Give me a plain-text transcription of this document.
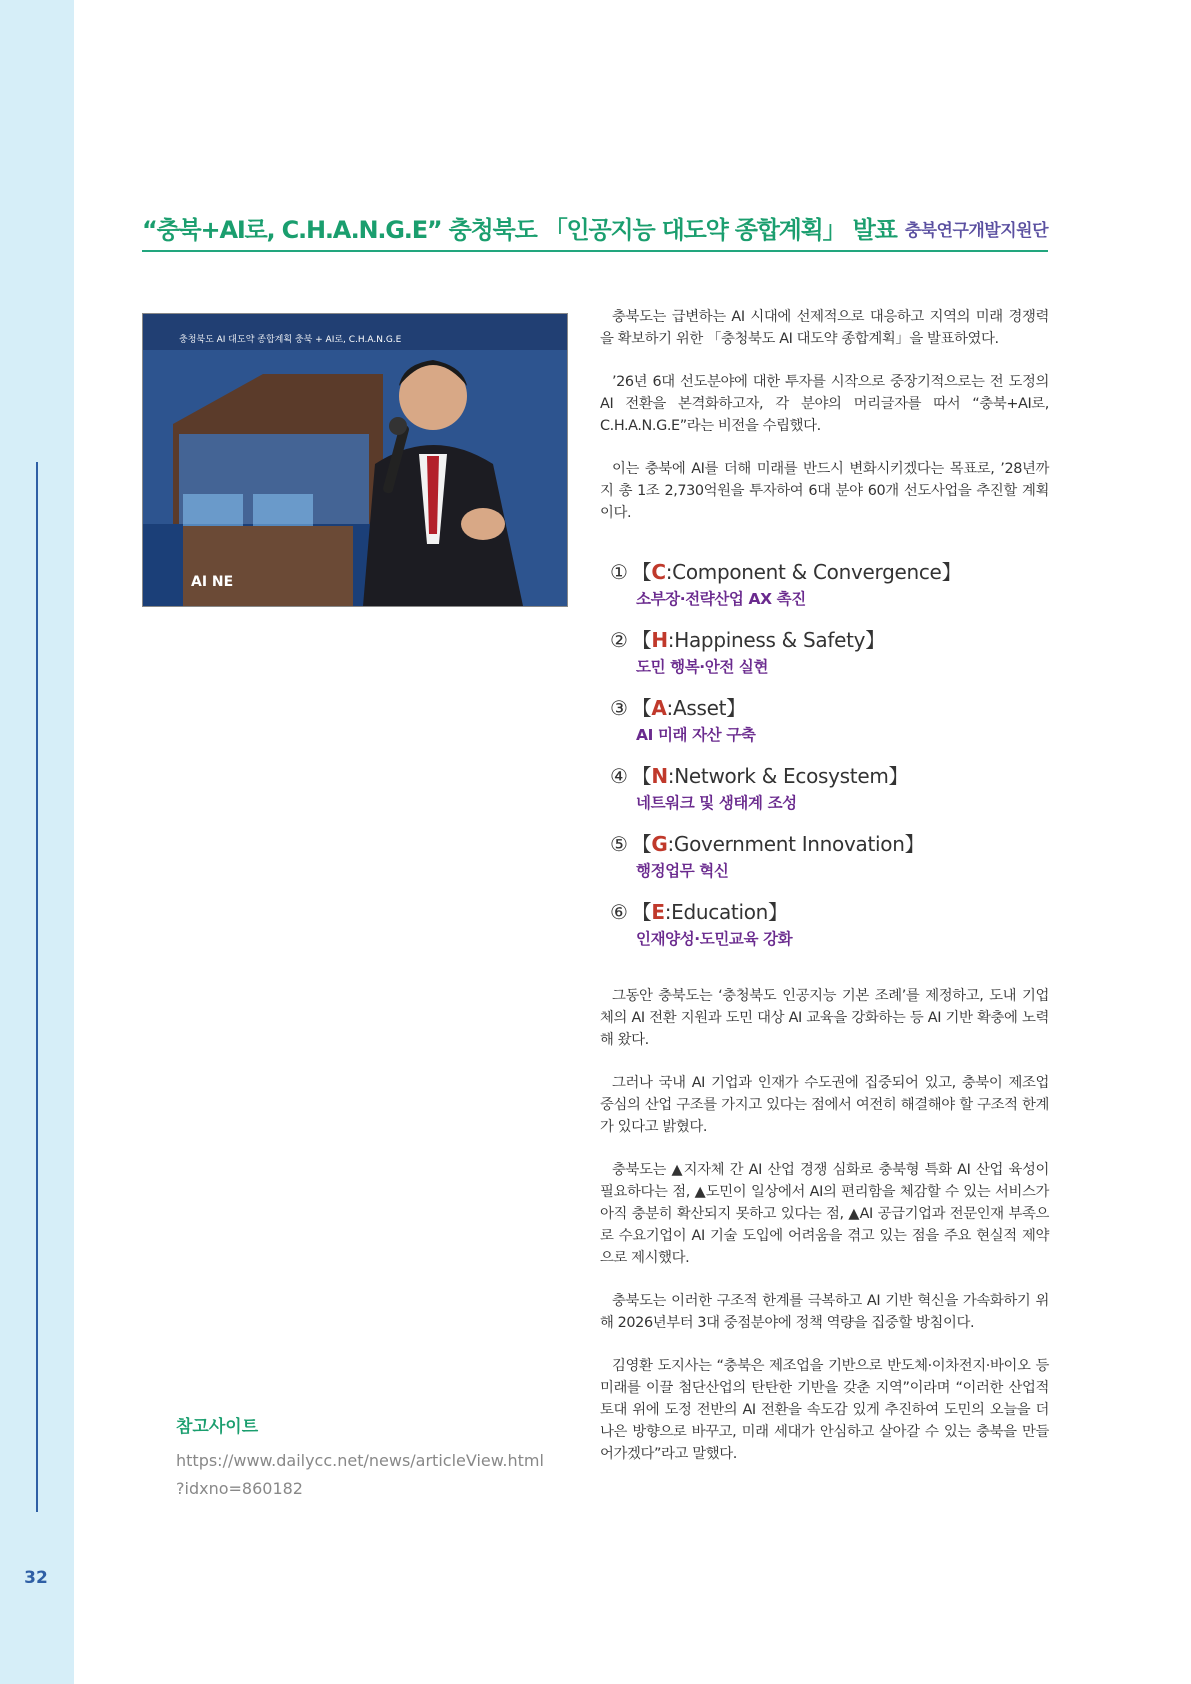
32
“충북+AI로, C.H.A.N.G.E” 충청북도 「인공지능 대도약 종합계획」 발표 충북연구개발지원단
충청북도 AI 대도약 종합계획 충북 + AI로, C.H.A.N.G.E
AI NE

충북도는 급변하는 AI 시대에 선제적으로 대응하고 지역의 미래 경쟁력을 확보하기 위한 「충청북도 AI 대도약 종합계획」을 발표하였다.

’26년 6대 선도분야에 대한 투자를 시작으로 중장기적으로는 전 도정의 AI 전환을 본격화하고자, 각 분야의 머리글자를 따서 “충북+AI로, C.H.A.N.G.E”라는 비전을 수립했다.

이는 충북에 AI를 더해 미래를 반드시 변화시키겠다는 목표로, ’28년까지 총 1조 2,730억원을 투자하여 6대 분야 60개 선도사업을 추진할 계획이다.

① 【C:Component & Convergence】
소부장·전략산업 AX 촉진
② 【H:Happiness & Safety】
도민 행복·안전 실현
③ 【A:Asset】
AI 미래 자산 구축
④ 【N:Network & Ecosystem】
네트워크 및 생태계 조성
⑤ 【G:Government Innovation】
행정업무 혁신
⑥ 【E:Education】
인재양성·도민교육 강화

그동안 충북도는 ‘충청북도 인공지능 기본 조례’를 제정하고, 도내 기업체의 AI 전환 지원과 도민 대상 AI 교육을 강화하는 등 AI 기반 확충에 노력해 왔다.

그러나 국내 AI 기업과 인재가 수도권에 집중되어 있고, 충북이 제조업 중심의 산업 구조를 가지고 있다는 점에서 여전히 해결해야 할 구조적 한계가 있다고 밝혔다.

충북도는 ▲지자체 간 AI 산업 경쟁 심화로 충북형 특화 AI 산업 육성이 필요하다는 점, ▲도민이 일상에서 AI의 편리함을 체감할 수 있는 서비스가 아직 충분히 확산되지 못하고 있다는 점, ▲AI 공급기업과 전문인재 부족으로 수요기업이 AI 기술 도입에 어려움을 겪고 있는 점을 주요 현실적 제약으로 제시했다.

충북도는 이러한 구조적 한계를 극복하고 AI 기반 혁신을 가속화하기 위해 2026년부터 3대 중점분야에 정책 역량을 집중할 방침이다.

김영환 도지사는 “충북은 제조업을 기반으로 반도체·이차전지·바이오 등 미래를 이끌 첨단산업의 탄탄한 기반을 갖춘 지역”이라며 “이러한 산업적 토대 위에 도정 전반의 AI 전환을 속도감 있게 추진하여 도민의 오늘을 더 나은 방향으로 바꾸고, 미래 세대가 안심하고 살아갈 수 있는 충북을 만들어가겠다”라고 말했다.

참고사이트
https://www.dailycc.net/news/articleView.html
?idxno=860182
